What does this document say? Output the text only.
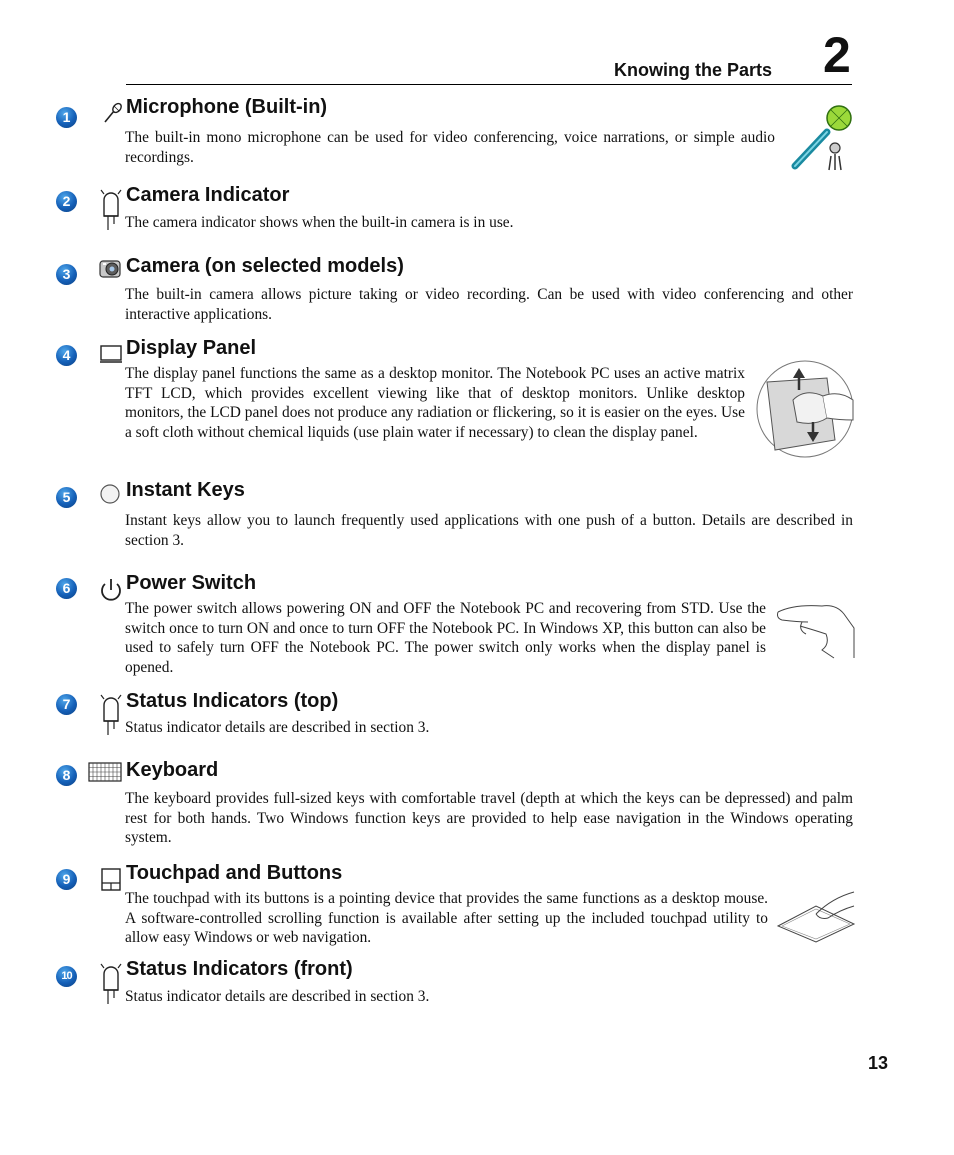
Knowing the Parts 2
1	Microphone (Built-in)
The built-in mono microphone can be used for video conferencing, voice narrations, or simple audio recordings.
2	Camera Indicator
The camera indicator shows when the built-in camera is in use.
3	Camera (on selected models)
The built-in camera allows picture taking or video recording. Can be used with video conferencing and other interactive applications.
4	Display Panel
The display panel functions the same as a desktop monitor. The Notebook PC uses an active matrix TFT LCD, which provides excellent viewing like that of desktop monitors. Unlike desktop monitors, the LCD panel does not produce any radiation or flickering, so it is easier on the eyes. Use a soft cloth without chemical liquids (use plain water if necessary) to clean the display panel.
5	Instant Keys
Instant keys allow you to launch frequently used applications with one push of a button. Details are described in section 3.
6	Power Switch
The power switch allows powering ON and OFF the Notebook PC and recovering from STD. Use the switch once to turn ON and once to turn OFF the Notebook PC. In Windows XP, this button can also be used to safely turn OFF the Notebook PC. The power switch only works when the display panel is opened.
7	Status Indicators (top)
Status indicator details are described in section 3.
8	Keyboard
The keyboard provides full-sized keys with comfortable travel (depth at which the keys can be depressed) and palm rest for both hands. Two Windows function keys are provided to help ease navigation in the Windows operating system.
9	Touchpad and Buttons
The touchpad with its buttons is a pointing device that provides the same functions as a desktop mouse. A software-controlled scrolling function is available after setting up the included touchpad utility to allow easy Windows or web navigation.
10	Status Indicators (front)
Status indicator details are described in section 3.
13
